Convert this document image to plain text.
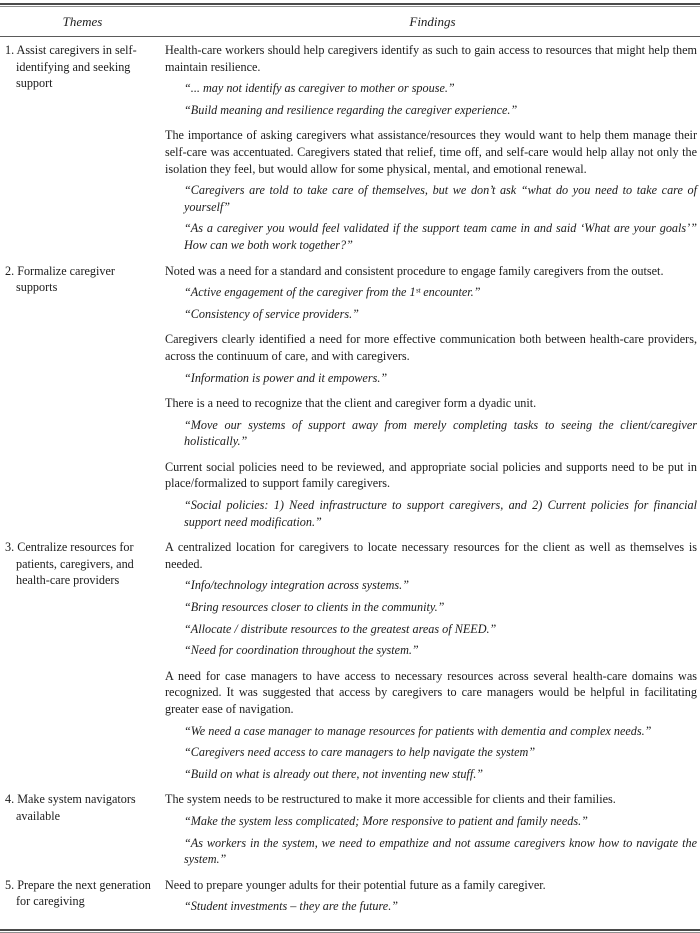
Themes	Findings
1. Assist caregivers in self-identifying and seeking support

Health-care workers should help caregivers identify as such to gain access to resources that might help them maintain resilience.

“... may not identify as caregiver to mother or spouse.”

“Build meaning and resilience regarding the caregiver experience.”

The importance of asking caregivers what assistance/resources they would want to help them manage their self-care was accentuated. Caregivers stated that relief, time off, and self-care would help allay not only the isolation they feel, but would allow for some physical, mental, and emotional renewal.

“Caregivers are told to take care of themselves, but we don’t ask “what do you need to take care of yourself”

“As a caregiver you would feel validated if the support team came in and said ‘What are your goals’” How can we both work together?”

2. Formalize caregiver supports

Noted was a need for a standard and consistent procedure to engage family caregivers from the outset.

“Active engagement of the caregiver from the 1ˢᵗ encounter.”

“Consistency of service providers.”

Caregivers clearly identified a need for more effective communication both between health-care providers, across the continuum of care, and with caregivers.

“Information is power and it empowers.”

There is a need to recognize that the client and caregiver form a dyadic unit.

“Move our systems of support away from merely completing tasks to seeing the client/caregiver holistically.”

Current social policies need to be reviewed, and appropriate social policies and supports need to be put in place/formalized to support family caregivers.

“Social policies: 1) Need infrastructure to support caregivers, and 2) Current policies for financial support need modification.”

3. Centralize resources for patients, caregivers, and health-care providers

A centralized location for caregivers to locate necessary resources for the client as well as themselves is needed.

“Info/technology integration across systems.”

“Bring resources closer to clients in the community.”

“Allocate / distribute resources to the greatest areas of NEED.”

“Need for coordination throughout the system.”

A need for case managers to have access to necessary resources across several health-care domains was recognized. It was suggested that access by caregivers to care managers would be helpful in facilitating greater ease of navigation.

“We need a case manager to manage resources for patients with dementia and complex needs.”

“Caregivers need access to care managers to help navigate the system”

“Build on what is already out there, not inventing new stuff.”

4. Make system navigators available

The system needs to be restructured to make it more accessible for clients and their families.

“Make the system less complicated; More responsive to patient and family needs.”

“As workers in the system, we need to empathize and not assume caregivers know how to navigate the system.”

5. Prepare the next generation for caregiving

Need to prepare younger adults for their potential future as a family caregiver.

“Student investments – they are the future.”
